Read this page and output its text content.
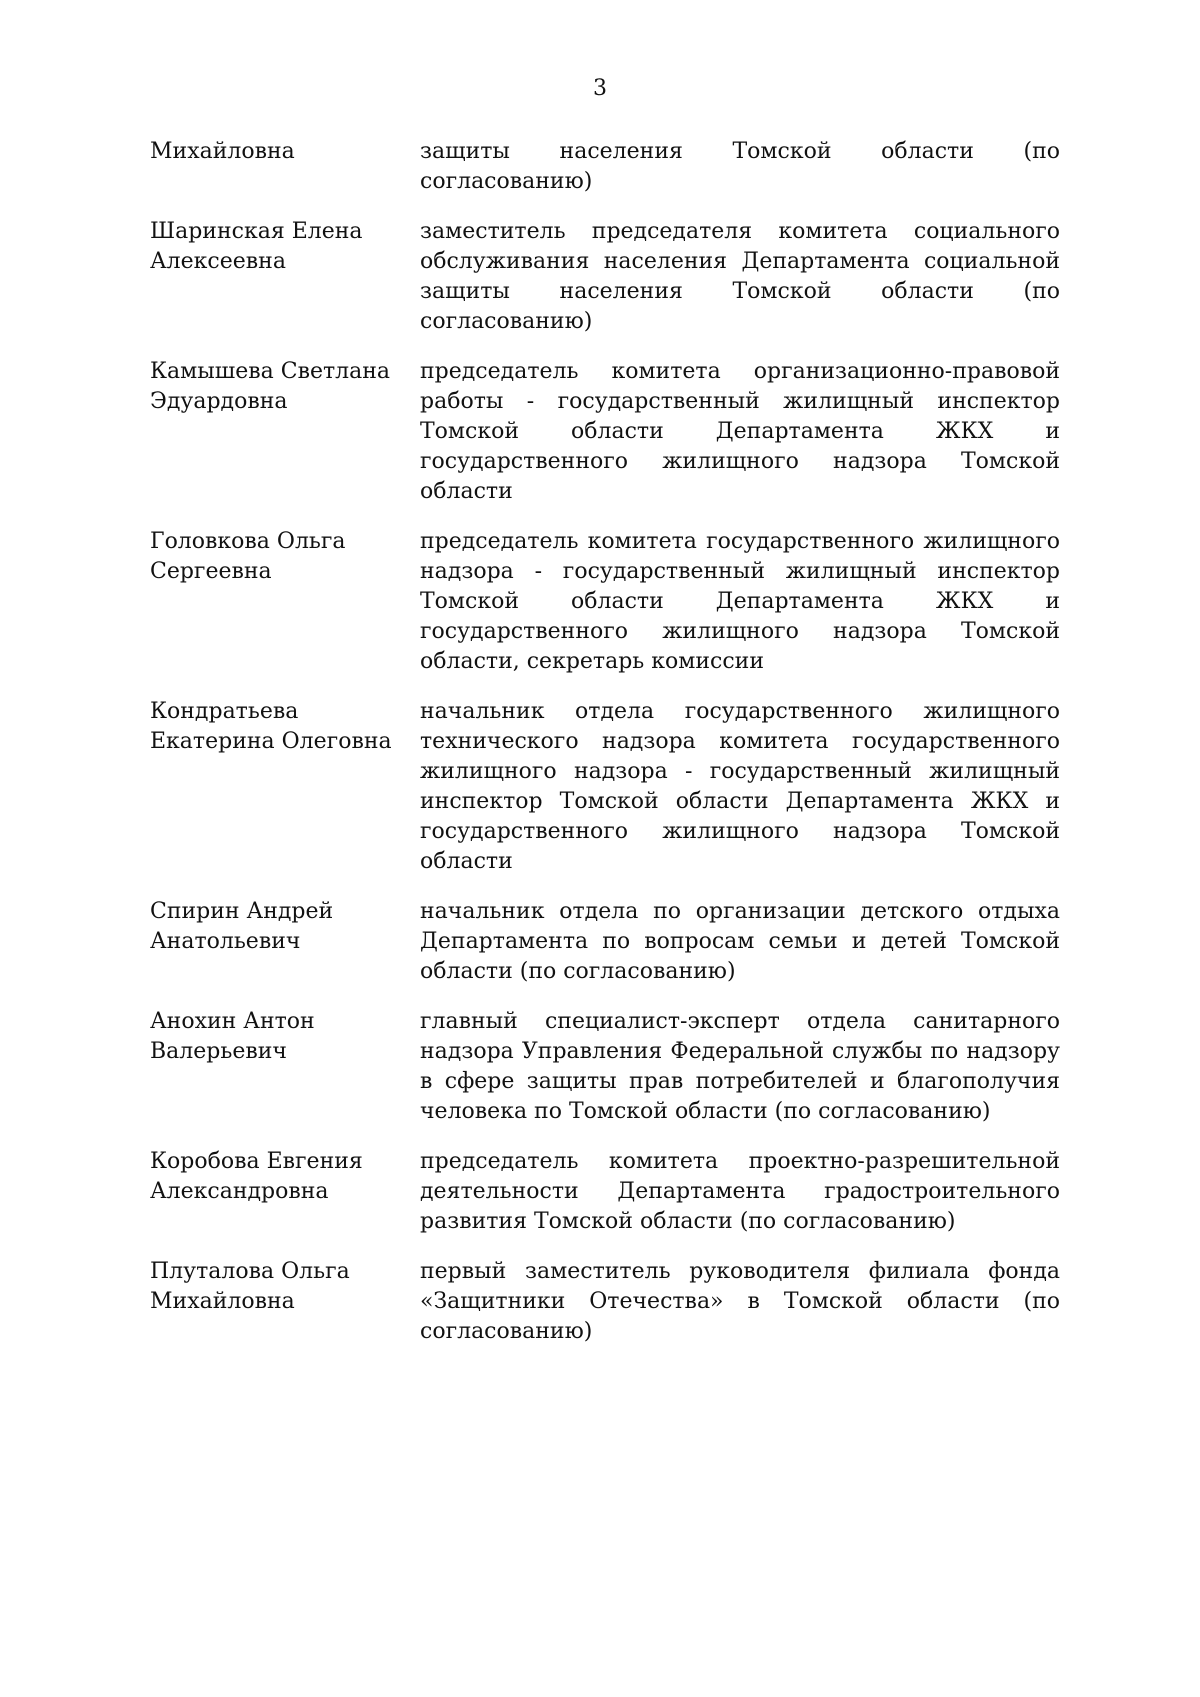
3
Михайловна	защиты населения Томской области (по согласованию)
Шаринская Елена Алексеевна
заместитель председателя комитета социального обслуживания населения Департамента социальной защиты населения Томской области (по согласованию)
Камышева Светлана Эдуардовна
председатель комитета организационно-правовой работы - государственный жилищный инспектор Томской области Департамента ЖКХ и государственного жилищного надзора Томской области
Головкова Ольга Сергеевна
председатель комитета государственного жилищного надзора - государственный жилищный инспектор Томской области Департамента ЖКХ и государственного жилищного надзора Томской области, секретарь комиссии
Кондратьева Екатерина Олеговна
начальник отдела государственного жилищного технического надзора комитета государственного жилищного надзора - государственный жилищный инспектор Томской области Департамента ЖКХ и государственного жилищного надзора Томской области
Спирин Андрей Анатольевич
начальник отдела по организации детского отдыха Департамента по вопросам семьи и детей Томской области (по согласованию)
Анохин Антон Валерьевич
главный специалист-эксперт отдела санитарного надзора Управления Федеральной службы по надзору в сфере защиты прав потребителей и благополучия человека по Томской области (по согласованию)
Коробова Евгения Александровна
председатель комитета проектно-разрешительной деятельности Департамента градостроительного развития Томской области (по согласованию)
Плуталова Ольга Михайловна
первый заместитель руководителя филиала фонда «Защитники Отечества» в Томской области (по согласованию)
